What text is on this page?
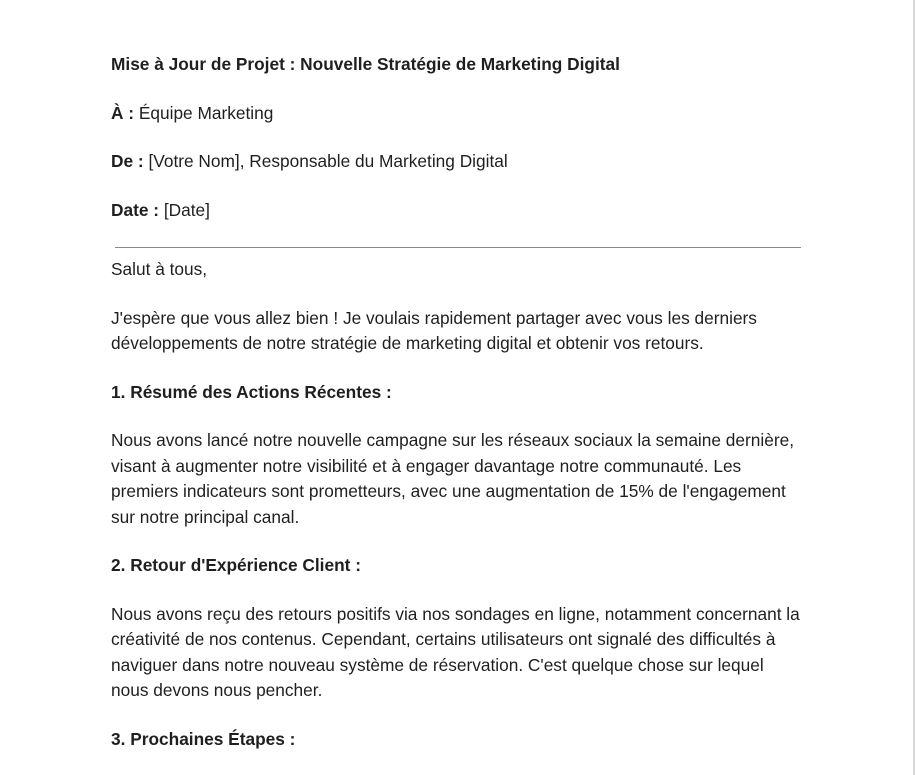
Mise à Jour de Projet : Nouvelle Stratégie de Marketing Digital
À : Équipe Marketing
De : [Votre Nom], Responsable du Marketing Digital
Date : [Date]
Salut à tous,
J'espère que vous allez bien ! Je voulais rapidement partager avec vous les derniers développements de notre stratégie de marketing digital et obtenir vos retours.
1. Résumé des Actions Récentes :
Nous avons lancé notre nouvelle campagne sur les réseaux sociaux la semaine dernière, visant à augmenter notre visibilité et à engager davantage notre communauté. Les premiers indicateurs sont prometteurs, avec une augmentation de 15% de l'engagement sur notre principal canal.
2. Retour d'Expérience Client :
Nous avons reçu des retours positifs via nos sondages en ligne, notamment concernant la créativité de nos contenus. Cependant, certains utilisateurs ont signalé des difficultés à naviguer dans notre nouveau système de réservation. C'est quelque chose sur lequel nous devons nous pencher.
3. Prochaines Étapes :
